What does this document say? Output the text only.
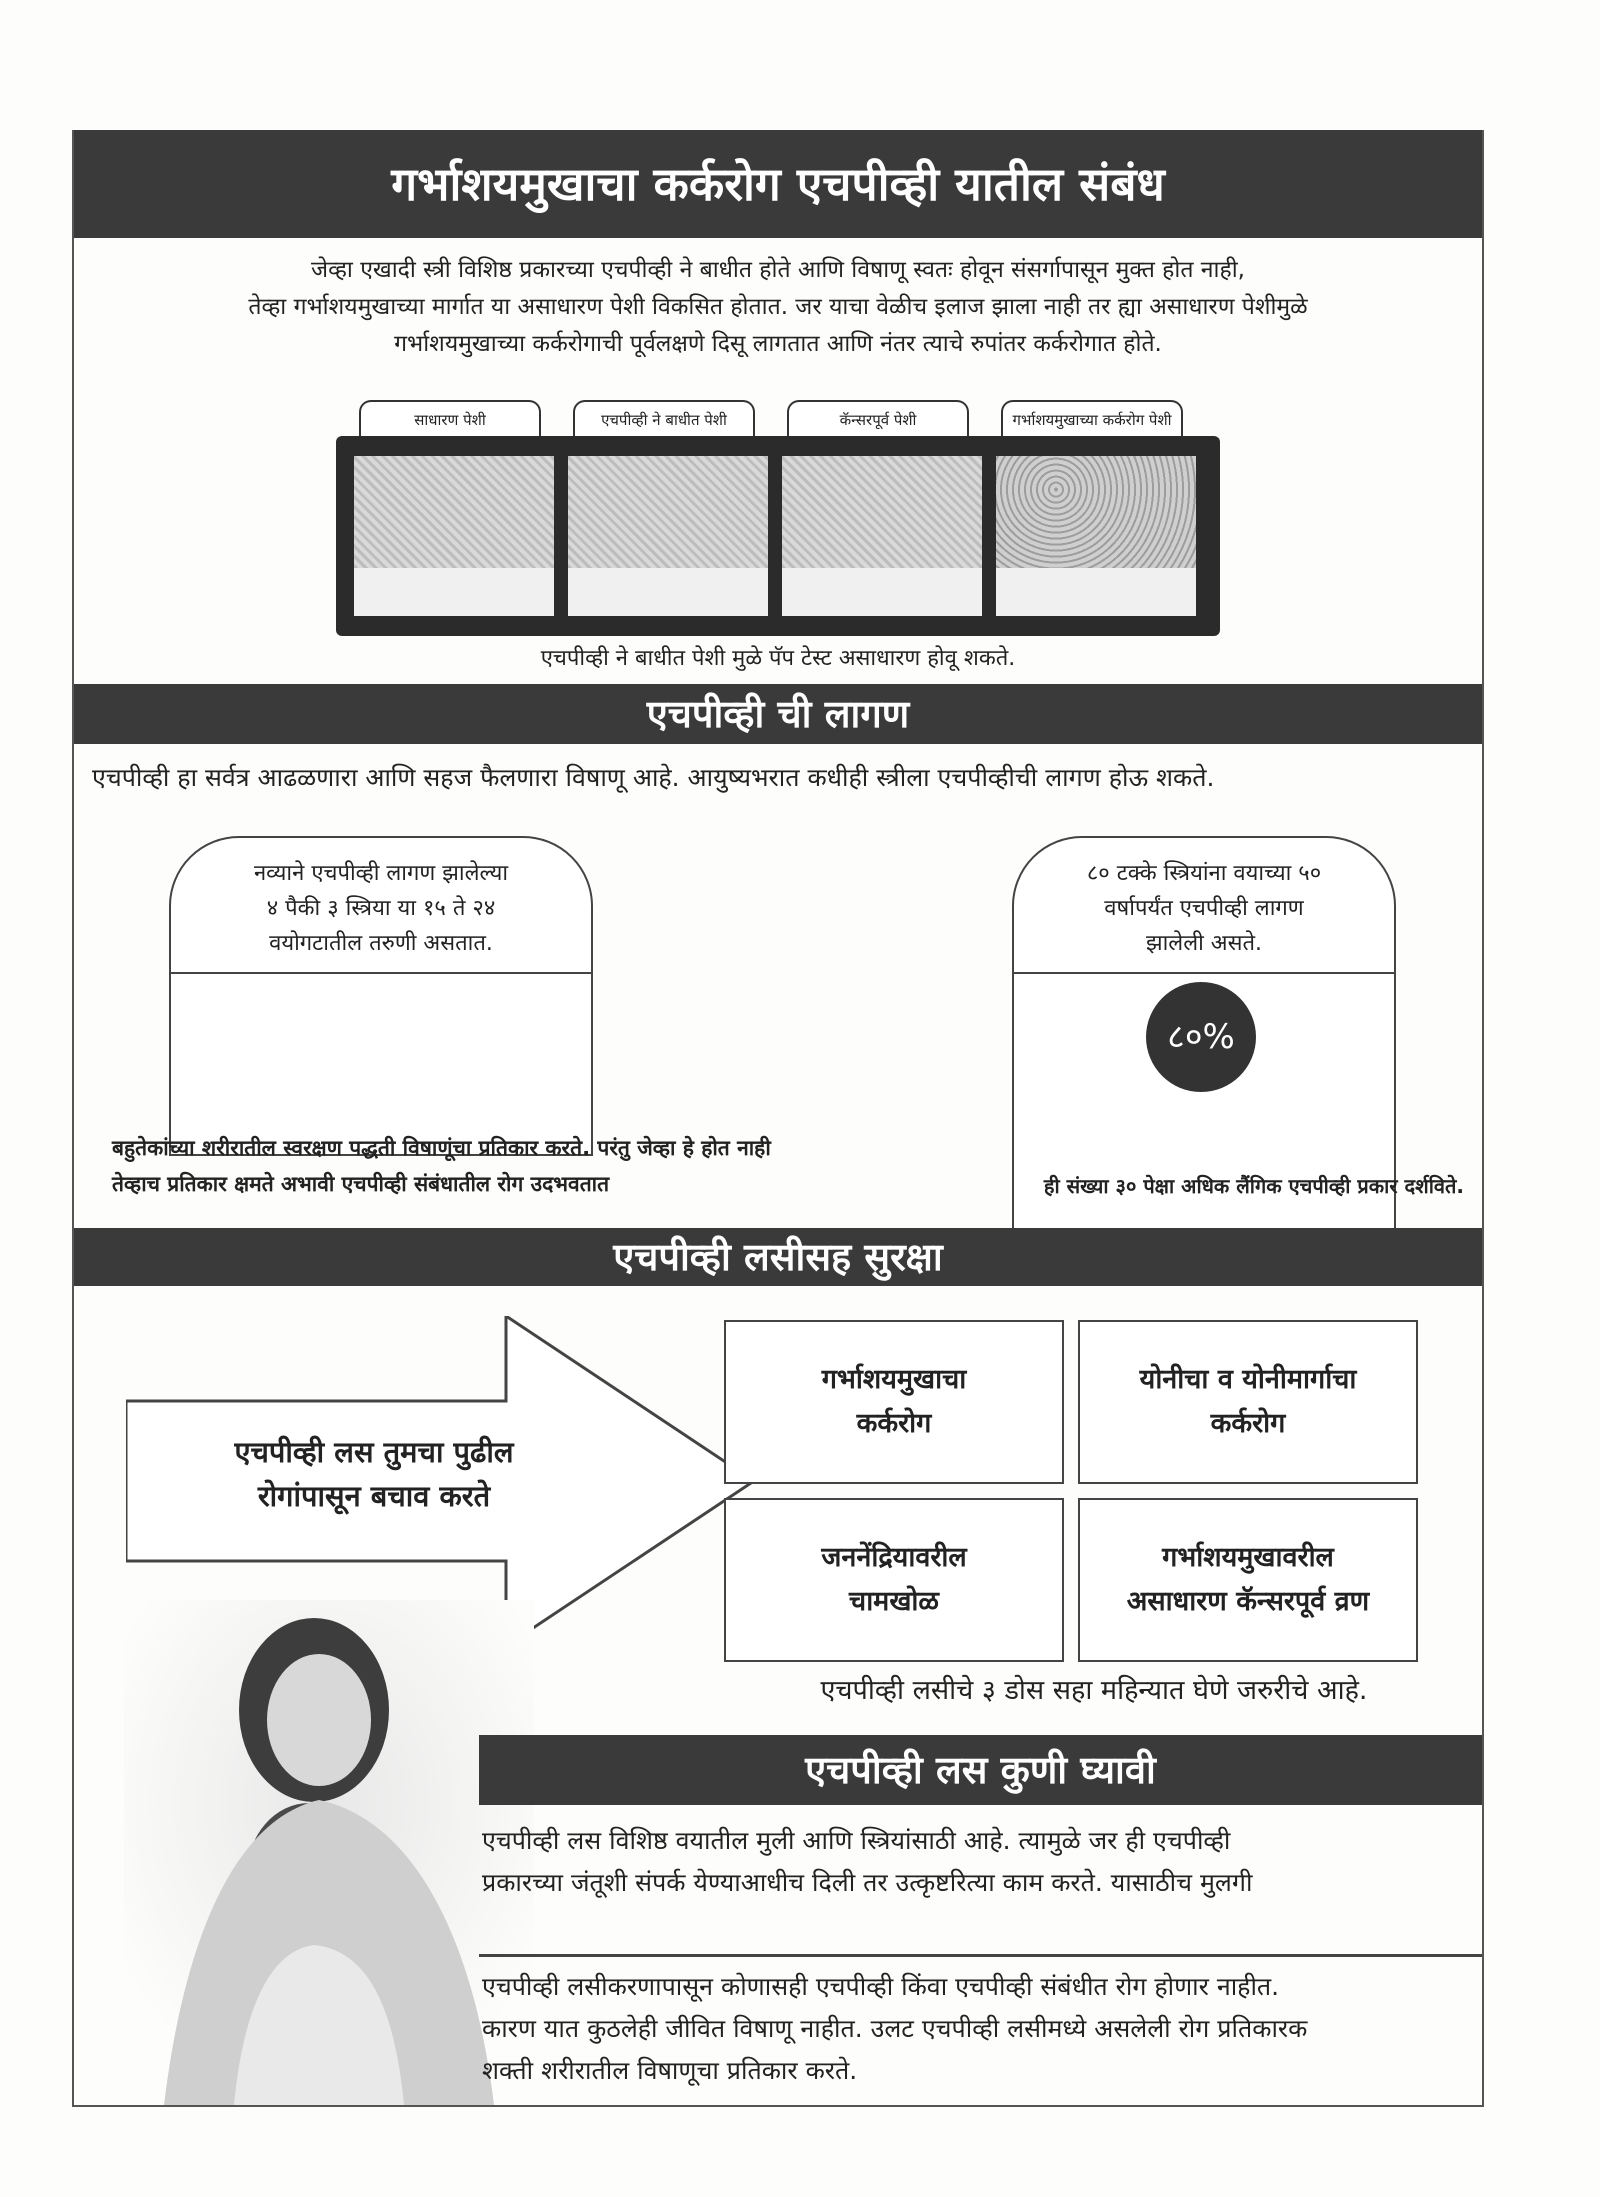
गर्भाशयमुखाचा कर्करोग एचपीव्ही यातील संबंध
जेव्हा एखादी स्त्री विशिष्ठ प्रकारच्या एचपीव्ही ने बाधीत होते आणि विषाणू स्वतः होवून संसर्गापासून मुक्त होत नाही,
तेव्हा गर्भाशयमुखाच्या मार्गात या असाधारण पेशी विकसित होतात. जर याचा वेळीच इलाज झाला नाही तर ह्या असाधारण पेशीमुळे
गर्भाशयमुखाच्या कर्करोगाची पूर्वलक्षणे दिसू लागतात आणि नंतर त्याचे रुपांतर कर्करोगात होते.
साधारण पेशी	एचपीव्ही ने बाधीत पेशी	कॅन्सरपूर्व पेशी	गर्भाशयमुखाच्या कर्करोग पेशी
एचपीव्ही ने बाधीत पेशी मुळे पॅप टेस्ट असाधारण होवू शकते.
एचपीव्ही ची लागण
एचपीव्ही हा सर्वत्र आढळणारा आणि सहज फैलणारा विषाणू आहे. आयुष्यभरात कधीही स्त्रीला एचपीव्हीची लागण होऊ शकते.
नव्याने एचपीव्ही लागण झालेल्या
४ पैकी ३ स्त्रिया या १५ ते २४
वयोगटातील तरुणी असतात.
८० टक्के स्त्रियांना वयाच्या ५०
वर्षापर्यंत एचपीव्ही लागण
झालेली असते.
८०%
बहुतेकांच्या शरीरातील स्वरक्षण पद्धती विषाणूंचा प्रतिकार करते. परंतु जेव्हा हे होत नाही
तेव्हाच प्रतिकार क्षमते अभावी एचपीव्ही संबंधातील रोग उदभवतात	ही संख्या ३० पेक्षा अधिक लैंगिक एचपीव्ही प्रकार दर्शविते.
एचपीव्ही लसीसह सुरक्षा
एचपीव्ही लस तुमचा पुढील
रोगांपासून बचाव करते
गर्भाशयमुखाचा
कर्करोग
योनीचा व योनीमार्गाचा
कर्करोग
जननेंद्रियावरील
चामखोळ
गर्भाशयमुखावरील
असाधारण कॅन्सरपूर्व व्रण
एचपीव्ही लसीचे ३ डोस सहा महिन्यात घेणे जरुरीचे आहे.
एचपीव्ही लस कुणी घ्यावी
एचपीव्ही लस विशिष्ठ वयातील मुली आणि स्त्रियांसाठी आहे. त्यामुळे जर ही एचपीव्ही
प्रकारच्या जंतूशी संपर्क येण्याआधीच दिली तर उत्कृष्टरित्या काम करते. यासाठीच मुलगी
एचपीव्ही लसीकरणापासून कोणासही एचपीव्ही किंवा एचपीव्ही संबंधीत रोग होणार नाहीत.
कारण यात कुठलेही जीवित विषाणू नाहीत. उलट एचपीव्ही लसीमध्ये असलेली रोग प्रतिकारक
शक्ती शरीरातील विषाणूचा प्रतिकार करते.
